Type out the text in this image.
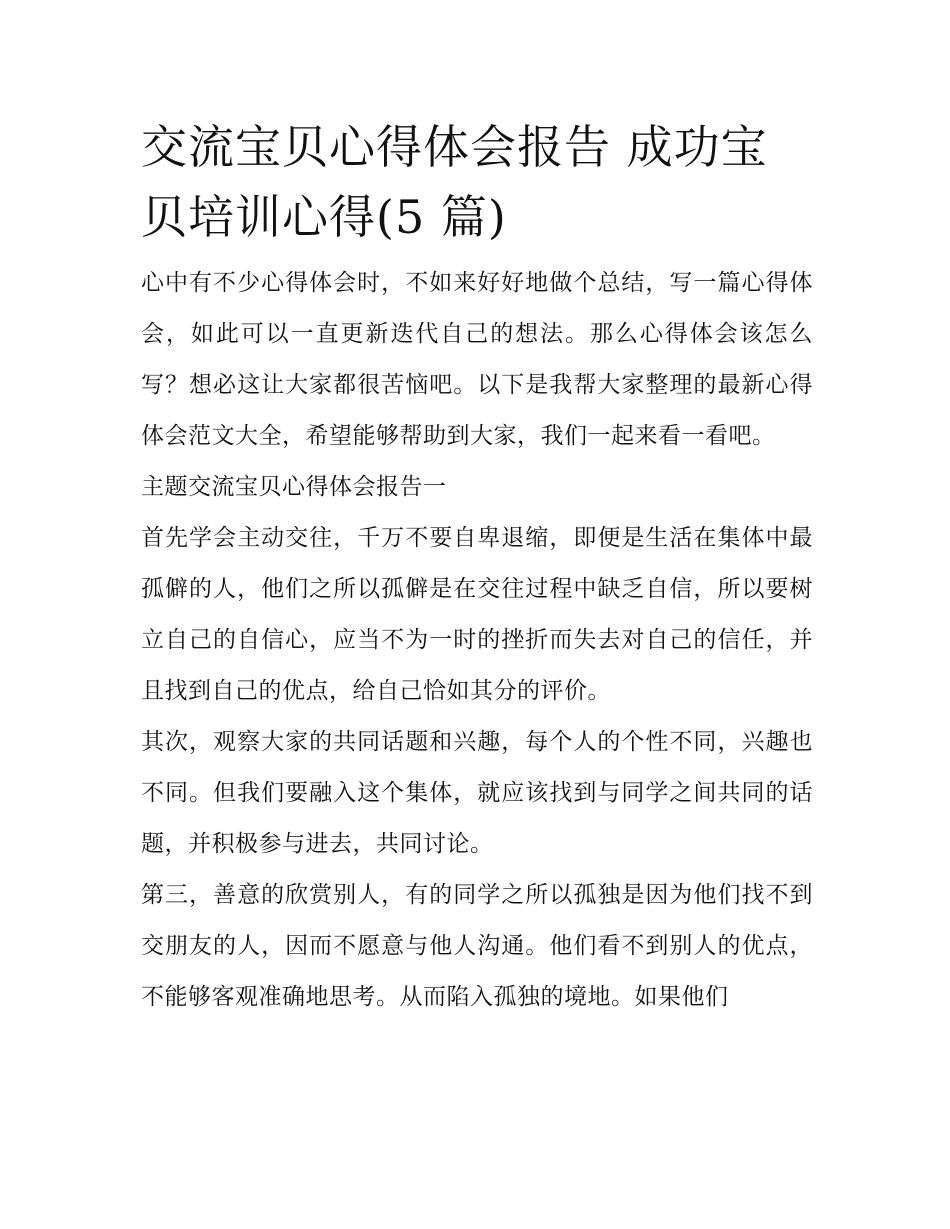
交流宝贝心得体会报告 成功宝
贝培训心得(5 篇)

心中有不少心得体会时，不如来好好地做个总结，写一篇心得体会，如此可以一直更新迭代自己的想法。那么心得体会该怎么写？想必这让大家都很苦恼吧。以下是我帮大家整理的最新心得体会范文大全，希望能够帮助到大家，我们一起来看一看吧。

主题交流宝贝心得体会报告一

首先学会主动交往，千万不要自卑退缩，即便是生活在集体中最孤僻的人，他们之所以孤僻是在交往过程中缺乏自信，所以要树立自己的自信心，应当不为一时的挫折而失去对自己的信任，并且找到自己的优点，给自己恰如其分的评价。

其次，观察大家的共同话题和兴趣，每个人的个性不同，兴趣也不同。但我们要融入这个集体，就应该找到与同学之间共同的话题，并积极参与进去，共同讨论。

第三，善意的欣赏别人，有的同学之所以孤独是因为他们找不到交朋友的人，因而不愿意与他人沟通。他们看不到别人的优点，不能够客观准确地思考。从而陷入孤独的境地。如果他们
